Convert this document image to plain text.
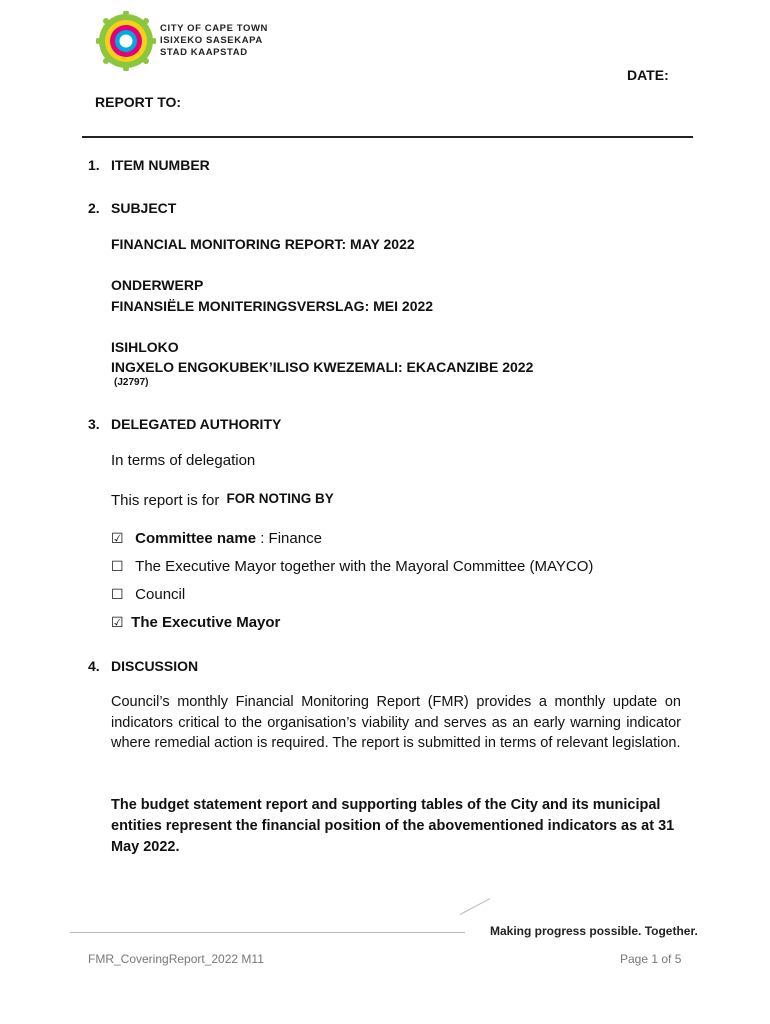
CITY OF CAPE TOWN
ISIXEKO SASEKAPA
STAD KAAPSTAD
DATE:
REPORT TO:
1. ITEM NUMBER
2. SUBJECT
FINANCIAL MONITORING REPORT: MAY 2022
ONDERWERP
FINANSIËLE MONITERINGSVERSLAG: MEI 2022
ISIHLOKO
INGXELO ENGOKUBEK’ILISO KWEZEMALI: EKACANZIBE 2022
(J2797)
3. DELEGATED AUTHORITY
In terms of delegation
This report is for FOR NOTING BY
☑ Committee name : Finance
☐ The Executive Mayor together with the Mayoral Committee (MAYCO)
☐ Council
☑ The Executive Mayor
4. DISCUSSION
Council’s monthly Financial Monitoring Report (FMR) provides a monthly update on indicators critical to the organisation’s viability and serves as an early warning indicator where remedial action is required. The report is submitted in terms of relevant legislation.
The budget statement report and supporting tables of the City and its municipal entities represent the financial position of the abovementioned indicators as at 31 May 2022.
Making progress possible. Together.
FMR_CoveringReport_2022 M11	Page 1 of 5
